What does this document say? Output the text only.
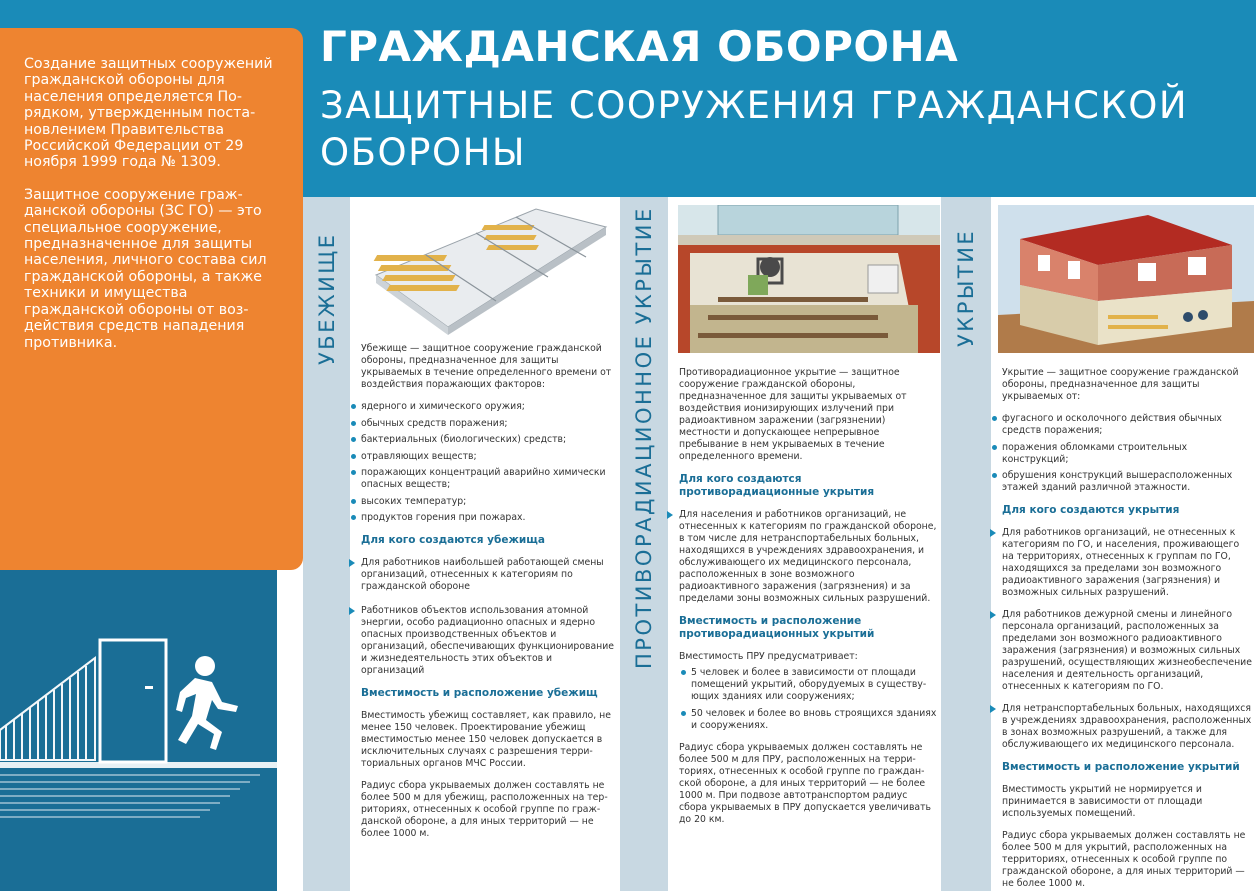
ГРАЖДАНСКАЯ ОБОРОНА
ЗАЩИТНЫЕ СООРУЖЕНИЯ ГРАЖДАНСКОЙ ОБОРОНЫ

Создание защитных сооружений гражданской обороны для населения определяется Порядком, утвержденным постановлением Правительства Российской Федерации от 29 ноября 1999 года № 1309.

Защитное сооружение гражданской обороны (ЗС ГО) — это специальное сооружение, предназначенное для защиты населения, личного состава сил гражданской обороны, а также техники и имущества гражданской обороны от воздействия средств нападения противника.	УБЕЖИЩЕ	ПРОТИВОРАДИАЦИОННОЕ УКРЫТИЕ	УКРЫТИЕ

Убежище — защитное сооружение гражданской обороны, предназначенное для защиты укрываемых в течение определенного времени от воздействия поражающих факторов:

ядерного и химического оружия;
обычных средств поражения;
бактериальных (биологических) средств;
отравляющих веществ;
поражающих концентраций аварийно химически опасных веществ;
высоких температур;
продуктов горения при пожарах.
Для кого создаются убежища
Для работников наибольшей работающей смены организаций, отнесенных к категориям по гражданской обороне
Работников объектов использования атомной энергии, особо радиационно опасных и ядерно опасных производственных объектов и организаций, обеспечивающих функционирование и жизнедеятельность этих объектов и организаций
Вместимость и расположение убежищ

Вместимость убежищ составляет, как правило, не менее 150 человек. Проектирование убежищ вместимостью менее 150 человек допускается в исключительных случаях с разрешения территориальных органов МЧС России.

Радиус сбора укрываемых должен составлять не более 500 м для убежищ, расположенных на территориях, отнесенных к особой группе по гражданской обороне, а для иных территорий — не более 1000 м.

Противорадиационное укрытие — защитное сооружение гражданской обороны, предназначенное для защиты укрываемых от воздействия ионизирующих излучений при радиоактивном заражении (загрязнении) местности и допускающее непрерывное пребывание в нем укрываемых в течение определенного времени.

Для кого создаются противорадиационные укрытия
Для населения и работников организаций, не отнесенных к категориям по гражданской обороне, в том числе для нетранспортабельных больных, находящихся в учреждениях здравоохранения, и обслуживающего их медицинского персонала, расположенных в зоне возможного радиоактивного заражения (загрязнения) и за пределами зоны возможных сильных разрушений.
Вместимость и расположение противорадиационных укрытий

Вместимость ПРУ предусматривает:

5 человек и более в зависимости от площади помещений укрытий, оборудуемых в существующих зданиях или сооружениях;
50 человек и более во вновь строящихся зданиях и сооружениях.

Радиус сбора укрываемых должен составлять не более 500 м для ПРУ, расположенных на территориях, отнесенных к особой группе по гражданской обороне, а для иных территорий — не более 1000 м. При подвозе автотранспортом радиус сбора укрываемых в ПРУ допускается увеличивать до 20 км.

Укрытие — защитное сооружение гражданской обороны, предназначенное для защиты укрываемых от:

фугасного и осколочного действия обычных средств поражения;
поражения обломками строительных конструкций;
обрушения конструкций вышерасположенных этажей зданий различной этажности.
Для кого создаются укрытия
Для работников организаций, не отнесенных к категориям по ГО, и населения, проживающего на территориях, отнесенных к группам по ГО, находящихся за пределами зон возможного радиоактивного заражения (загрязнения) и возможных сильных разрушений.
Для работников дежурной смены и линейного персонала организаций, расположенных за пределами зон возможного радиоактивного заражения (загрязнения) и возможных сильных разрушений, осуществляющих жизнеобеспечение населения и деятельность организаций, отнесенных к категориям по ГО.
Для нетранспортабельных больных, находящихся в учреждениях здравоохранения, расположенных в зонах возможных разрушений, а также для обслуживающего их медицинского персонала.
Вместимость и расположение укрытий

Вместимость укрытий не нормируется и принимается в зависимости от площади используемых помещений.

Радиус сбора укрываемых должен составлять не более 500 м для укрытий, расположенных на территориях, отнесенных к особой группе по гражданской обороне, а для иных территорий — не более 1000 м.
